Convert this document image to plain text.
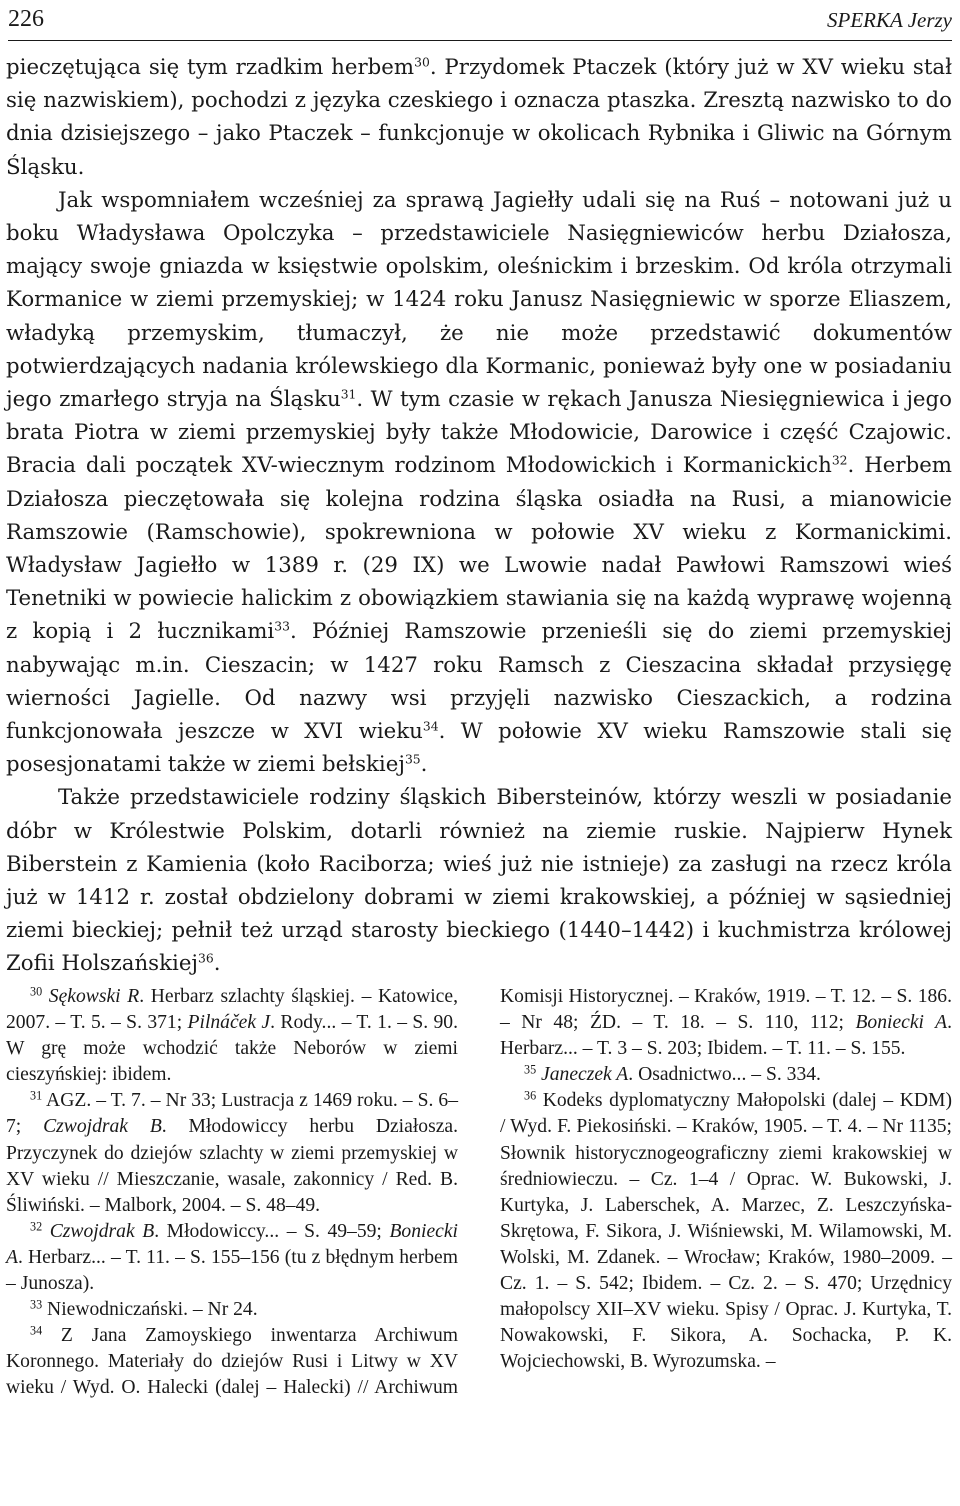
226	SPERKA Jerzy

pieczętująca się tym rzadkim herbem$^{30}$. Przydomek Ptaczek (który już w XV wieku stał się nazwiskiem), pochodzi z języka czeskiego i oznacza ptaszka. Zresztą nazwisko to do dnia dzisiejszego – jako Ptaczek – funkcjonuje w okolicach Rybnika i Gliwic na Górnym Śląsku.

Jak wspomniałem wcześniej za sprawą Jagiełły udali się na Ruś – notowani już u boku Władysława Opolczyka – przedstawiciele Nasięgniewiców herbu Działosza, mający swoje gniazda w księstwie opolskim, oleśnickim i brzeskim. Od króla otrzymali Kormanice w ziemi przemyskiej; w 1424 roku Janusz Nasięgniewic w sporze Eliaszem, władyką przemyskim, tłumaczył, że nie może przedstawić dokumentów potwierdzających nadania królewskiego dla Kormanic, ponieważ były one w posiadaniu jego zmarłego stryja na Śląsku$^{31}$. W tym czasie w rękach Janusza Niesięgniewica i jego brata Piotra w ziemi przemyskiej były także Młodowicie, Darowice i część Czajowic. Bracia dali początek XV-wiecznym rodzinom Młodowickich i Kormanickich$^{32}$. Herbem Działosza pieczętowała się kolejna rodzina śląska osiadła na Rusi, a mianowicie Ramszowie (Ramschowie), spokrewniona w połowie XV wieku z Kormanickimi. Władysław Jagiełło w 1389 r. (29 IX) we Lwowie nadał Pawłowi Ramszowi wieś Tenetniki w powiecie halickim z obowiązkiem stawiania się na każdą wyprawę wojenną z kopią i 2 łucznikami$^{33}$. Później Ramszowie przenieśli się do ziemi przemyskiej nabywając m.in. Cieszacin; w 1427 roku Ramsch z Cieszacina składał przysięgę wierności Jagielle. Od nazwy wsi przyjęli nazwisko Cieszackich, a rodzina funkcjonowała jeszcze w XVI wieku$^{34}$. W połowie XV wieku Ramszowie stali się posesjonatami także w ziemi bełskiej$^{35}$.

Także przedstawiciele rodziny śląskich Bibersteinów, którzy weszli w posiadanie dóbr w Królestwie Polskim, dotarli również na ziemie ruskie. Najpierw Hynek Biberstein z Kamienia (koło Raciborza; wieś już nie istnieje) za zasługi na rzecz króla już w 1412 r. został obdzielony dobrami w ziemi krakowskiej, a później w sąsiedniej ziemi bieckiej; pełnił też urząd starosty bieckiego (1440–1442) i kuchmistrza królowej Zofii Holszańskiej$^{36}$.

$^{30}$ Sękowski R. Herbarz szlachty śląskiej. – Katowice, 2007. – T. 5. – S. 371; Pilnáček J. Rody... – T. 1. – S. 90. W grę może wchodzić także Neborów w ziemi cieszyńskiej: ibidem.

$^{31}$ AGZ. – T. 7. – Nr 33; Lustracja z 1469 roku. – S. 6–7; Czwojdrak B. Młodowiccy herbu Działosza. Przyczynek do dziejów szlachty w ziemi przemyskiej w XV wieku // Mieszczanie, wasale, zakonnicy / Red. B. Śliwiński. – Malbork, 2004. – S. 48–49.

$^{32}$ Czwojdrak B. Młodowiccy... – S. 49–59; Boniecki A. Herbarz... – T. 11. – S. 155–156 (tu z błędnym herbem – Junosza).

$^{33}$ Niewodniczański. – Nr 24.

$^{34}$ Z Jana Zamoyskiego inwentarza Archiwum Koronnego. Materiały do dziejów Rusi i Litwy w XV wieku / Wyd. O. Halecki (dalej – Halecki) // Archiwum Komisji Historycznej. – Kraków, 1919. – T. 12. – S. 186. – Nr 48; ŹD. – T. 18. – S. 110, 112; Boniecki A. Herbarz... – T. 3 – S. 203; Ibidem. – T. 11. – S. 155.

$^{35}$ Janeczek A. Osadnictwo... – S. 334.

$^{36}$ Kodeks dyplomatyczny Małopolski (dalej – KDM) / Wyd. F. Piekosiński. – Kraków, 1905. – T. 4. – Nr 1135; Słownik historycznogeograficzny ziemi krakowskiej w średniowieczu. – Cz. 1–4 / Oprac. W. Bukowski, J. Kurtyka, J. Laberschek, A. Marzec, Z. Leszczyńska-Skrętowa, F. Sikora, J. Wiśniewski, M. Wilamowski, M. Wolski, M. Zdanek. – Wrocław; Kraków, 1980–2009. – Cz. 1. – S. 542; Ibidem. – Cz. 2. – S. 470; Urzędnicy małopolscy XII–XV wieku. Spisy / Oprac. J. Kurtyka, T. Nowakowski, F. Sikora, A. Sochacka, P. K. Wojciechowski, B. Wyrozumska. –
